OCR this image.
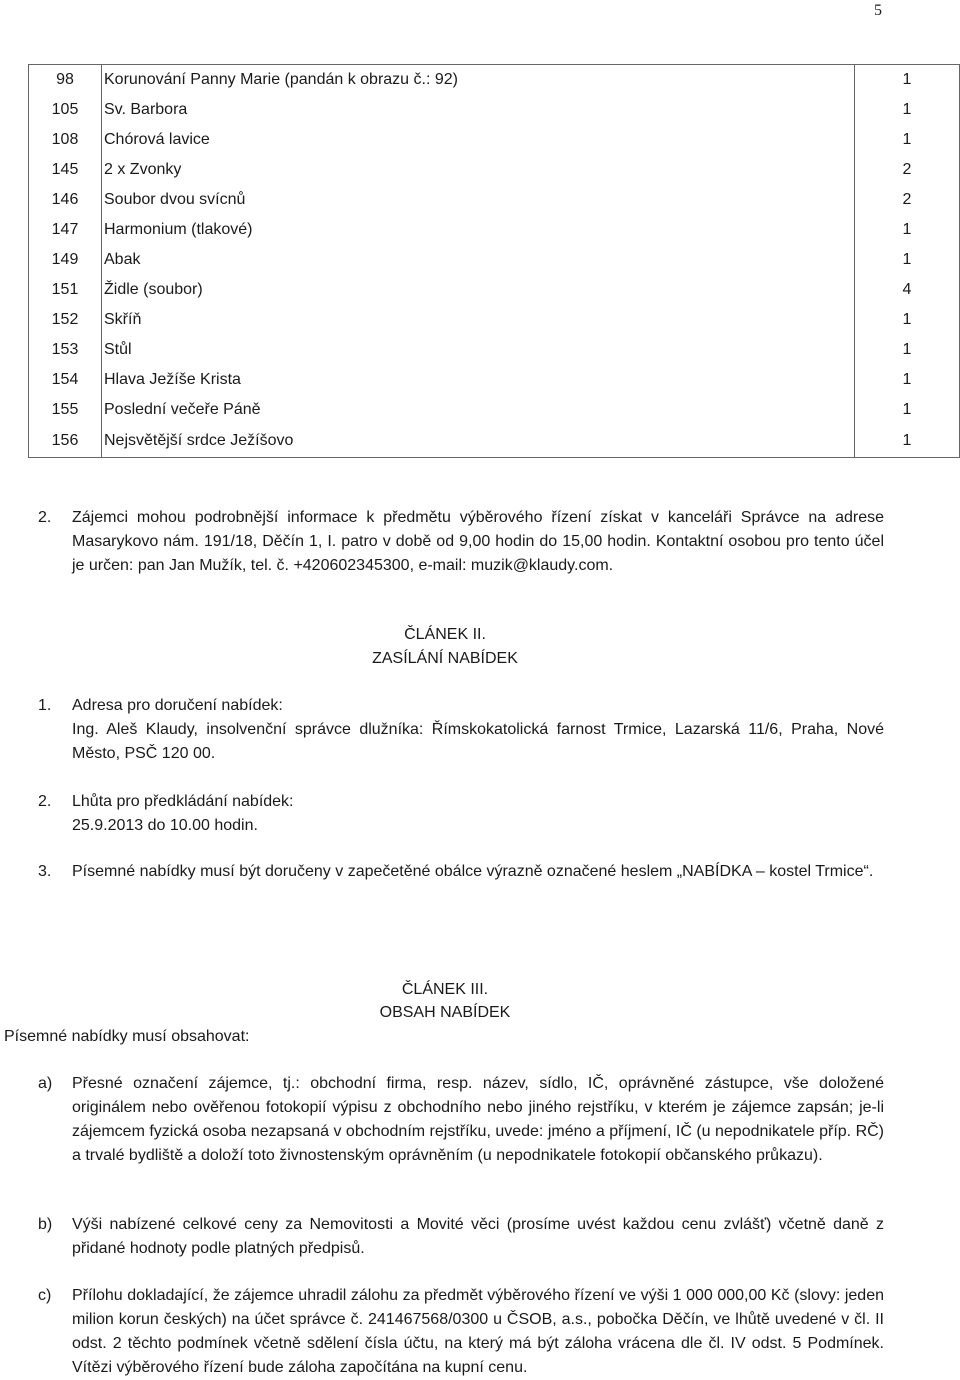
5
98	Korunování Panny Marie (pandán k obrazu č.: 92)	1
105	Sv. Barbora	1
108	Chórová lavice	1
145	2 x Zvonky	2
146	Soubor dvou svícnů	2
147	Harmonium (tlakové)	1
149	Abak	1
151	Židle (soubor)	4
152	Skříň	1
153	Stůl	1
154	Hlava Ježíše Krista	1
155	Poslední večeře Páně	1
156	Nejsvětější srdce Ježíšovo	1
2. Zájemci mohou podrobnější informace k předmětu výběrového řízení získat v kanceláři Správce na adrese Masarykovo nám. 191/18, Děčín 1, I. patro v době od 9,00 hodin do 15,00 hodin. Kontaktní osobou pro tento účel je určen: pan Jan Mužík, tel. č. +420602345300, e-mail: muzik@klaudy.com.
ČLÁNEK II.
ZASÍLÁNÍ NABÍDEK
1. Adresa pro doručení nabídek:
Ing. Aleš Klaudy, insolvenční správce dlužníka: Římskokatolická farnost Trmice, Lazarská 11/6, Praha, Nové Město, PSČ 120 00.
2. Lhůta pro předkládání nabídek:
25.9.2013 do 10.00 hodin.
3. Písemné nabídky musí být doručeny v zapečetěné obálce výrazně označené heslem „NABÍDKA – kostel Trmice“.
ČLÁNEK III.
OBSAH NABÍDEK
Písemné nabídky musí obsahovat:
a) Přesné označení zájemce, tj.: obchodní firma, resp. název, sídlo, IČ, oprávněné zástupce, vše doložené originálem nebo ověřenou fotokopií výpisu z obchodního nebo jiného rejstříku, v kterém je zájemce zapsán; je-li zájemcem fyzická osoba nezapsaná v obchodním rejstříku, uvede: jméno a příjmení, IČ (u nepodnikatele příp. RČ) a trvalé bydliště a doloží toto živnostenským oprávněním (u nepodnikatele fotokopií občanského průkazu).
b) Výši nabízené celkové ceny za Nemovitosti a Movité věci (prosíme uvést každou cenu zvlášť) včetně daně z přidané hodnoty podle platných předpisů.
c) Přílohu dokladající, že zájemce uhradil zálohu za předmět výběrového řízení ve výši 1 000 000,00 Kč (slovy: jeden milion korun českých) na účet správce č. 241467568/0300 u ČSOB, a.s., pobočka Děčín, ve lhůtě uvedené v čl. II odst. 2 těchto podmínek včetně sdělení čísla účtu, na který má být záloha vrácena dle čl. IV odst. 5 Podmínek. Vítězi výběrového řízení bude záloha započítána na kupní cenu.
